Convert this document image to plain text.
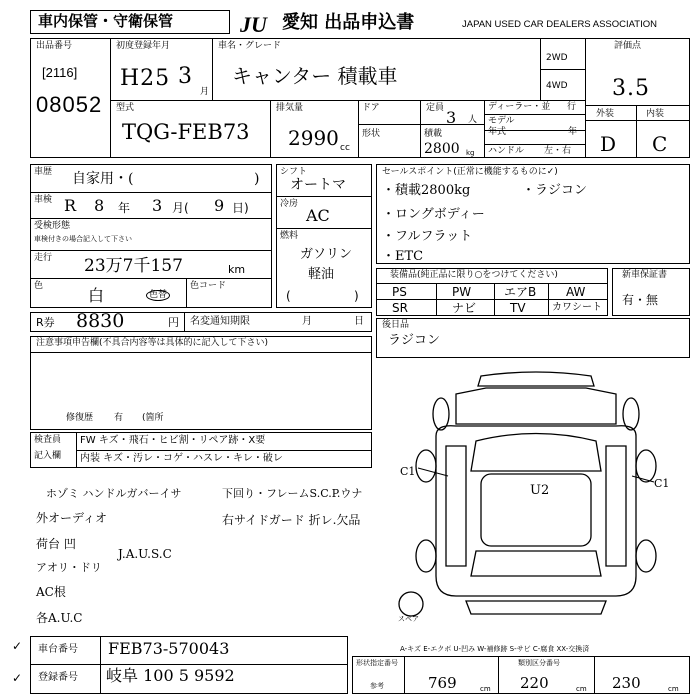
車内保管・守衛保管	JU 愛知 出品申込書	JAPAN USED CAR DEALERS ASSOCIATION
出品番号
[2116]
08052
初度登録年月
H25 3
月
車名・グレード
キャンター 積載車
2WD
4WD
評価点
3.5
型式
TQG-FEB73
排気量
2990 cc
ドア
形状
定員 3 人
積載
2800 kg
ディーラー・並 行
モデル
年式	年
ハンドル 左・右
外装	内装
D C
車歴 自家用・(	)
車検 R 8 年 3 月( 9 日)
受検形態
車検付きの場合記入して下さい
走行 23万7千157	km
色	白	色替
色コード
シフト
オートマ
冷房
AC
燃料
ガソリン
軽油
(	)
セールスポイント(正常に機能するものに✓)
・積載2800kg	・ラジコン
・ロングボディー
・フルフラット
・ETC
装備品(純正品に限り○をつけてください)
PS	PW	エアB AW
SR	ナビ	TV	カワシート
新車保証書
有・無
R券 8830	円 名変通知期限	月	日
注意事項申告欄(不具合内容等は具体的に記入して下さい)
修復歴 有 (箇所
後日品
ラジコン
検査員
記入欄
FW キズ・飛石・ヒビ割・リペア跡・X要
内装 キズ・汚レ・コゲ・ハスレ・キレ・破レ
ホゾミ ハンドルガバーイサ	下回り・フレームS.C.P.ウナ
外オーディオ	右サイドガード 折レ.欠品
荷台 凹
J.A.U.S.C
アオリ・ドリ
AC根
各A.U.C
U2
C1
C1
スペア
A-キズ E-エクボ U-凹み W-補修跡 S-サビ C-腐食 XX-交換済
車台番号 FEB73-570043
登録番号 岐阜 100 5 9592
✓
✓
形状指定番号	類別区分番号
参考	769	cm 220	cm 230	cm
